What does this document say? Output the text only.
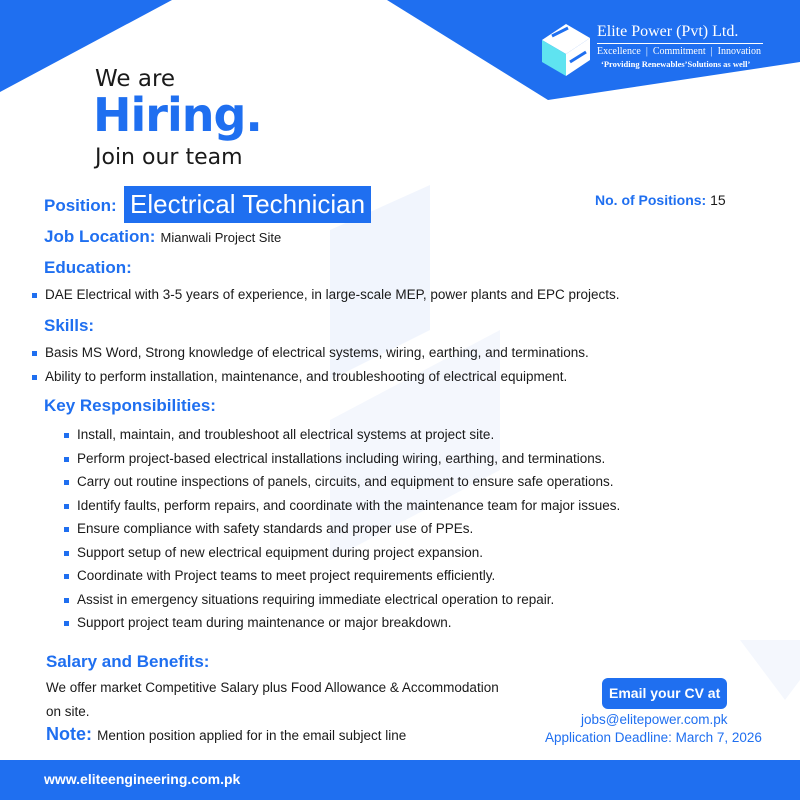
Elite Power (Pvt) Ltd.
Excellence  |  Commitment  |  Innovation
‘Providing Renewables’Solutions as well’
We are
Hiring.
Join our team
Position: Electrical Technician	No. of Positions: 15
Job Location: Mianwali Project Site
Education:
DAE Electrical with 3-5 years of experience, in large-scale MEP, power plants and EPC projects.
Skills:
Basis MS Word, Strong knowledge of electrical systems, wiring, earthing, and terminations.
Ability to perform installation, maintenance, and troubleshooting of electrical equipment.
Key Responsibilities:
Install, maintain, and troubleshoot all electrical systems at project site.
Perform project-based electrical installations including wiring, earthing, and terminations.
Carry out routine inspections of panels, circuits, and equipment to ensure safe operations.
Identify faults, perform repairs, and coordinate with the maintenance team for major issues.
Ensure compliance with safety standards and proper use of PPEs.
Support setup of new electrical equipment during project expansion.
Coordinate with Project teams to meet project requirements efficiently.
Assist in emergency situations requiring immediate electrical operation to repair.
Support project team during maintenance or major breakdown.
Salary and Benefits:
We offer market Competitive Salary plus Food Allowance & Accommodation
on site.
Note: Mention position applied for in the email subject line
Email your CV at
jobs@elitepower.com.pk
Application Deadline: March 7, 2026
www.eliteengineering.com.pk
